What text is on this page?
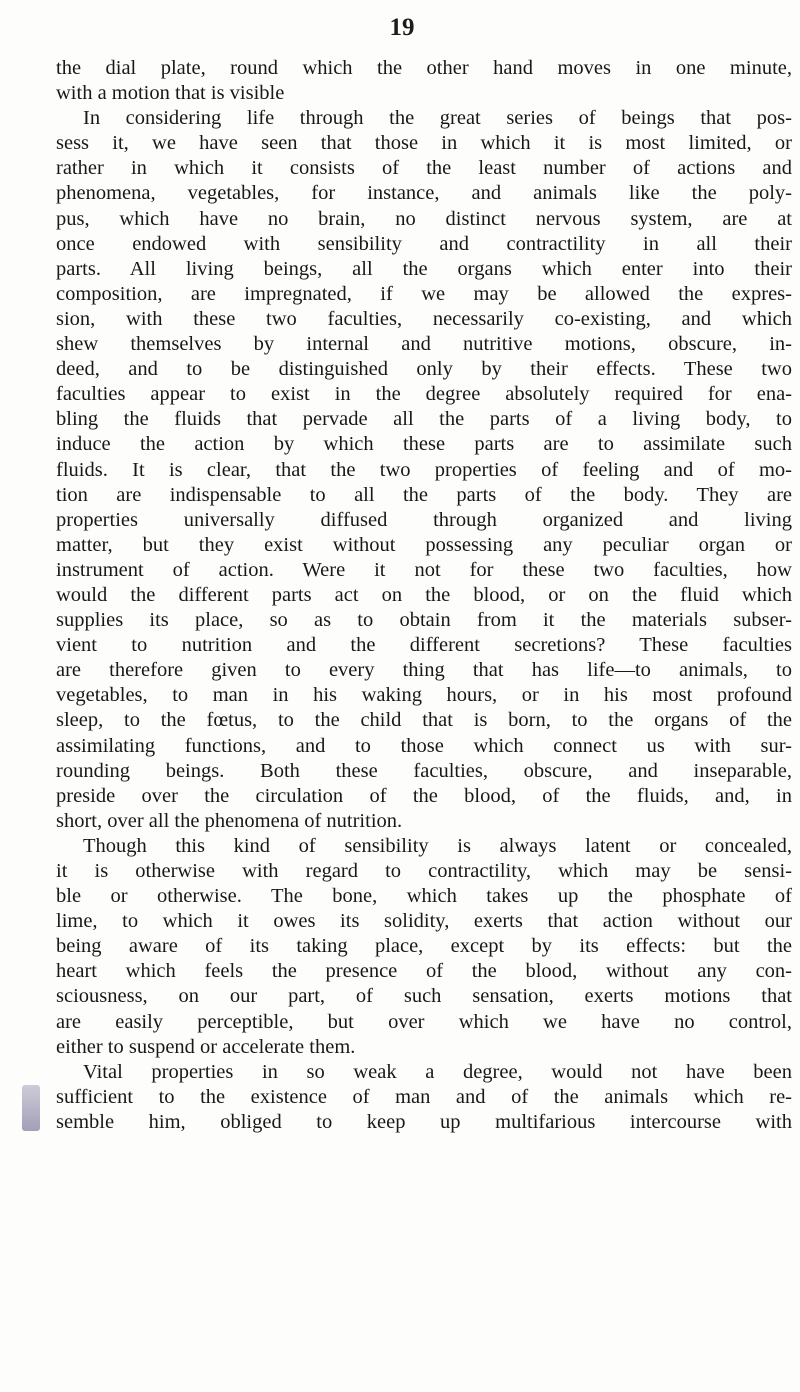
19
the dial plate, round which the other hand moves in one minute,
with a motion that is visible
In considering life through the great series of beings that pos-
sess it, we have seen that those in which it is most limited, or
rather in which it consists of the least number of actions and
phenomena, vegetables, for instance, and animals like the poly-
pus, which have no brain, no distinct nervous system, are at
once endowed with sensibility and contractility in all their
parts. All living beings, all the organs which enter into their
composition, are impregnated, if we may be allowed the expres-
sion, with these two faculties, necessarily co-existing, and which
shew themselves by internal and nutritive motions, obscure, in-
deed, and to be distinguished only by their effects. These two
faculties appear to exist in the degree absolutely required for ena-
bling the fluids that pervade all the parts of a living body, to
induce the action by which these parts are to assimilate such
fluids. It is clear, that the two properties of feeling and of mo-
tion are indispensable to all the parts of the body. They are
properties universally diffused through organized and living
matter, but they exist without possessing any peculiar organ or
instrument of action. Were it not for these two faculties, how
would the different parts act on the blood, or on the fluid which
supplies its place, so as to obtain from it the materials subser-
vient to nutrition and the different secretions? These faculties
are therefore given to every thing that has life—to animals, to
vegetables, to man in his waking hours, or in his most profound
sleep, to the fœtus, to the child that is born, to the organs of the
assimilating functions, and to those which connect us with sur-
rounding beings. Both these faculties, obscure, and inseparable,
preside over the circulation of the blood, of the fluids, and, in
short, over all the phenomena of nutrition.
Though this kind of sensibility is always latent or concealed,
it is otherwise with regard to contractility, which may be sensi-
ble or otherwise. The bone, which takes up the phosphate of
lime, to which it owes its solidity, exerts that action without our
being aware of its taking place, except by its effects: but the
heart which feels the presence of the blood, without any con-
sciousness, on our part, of such sensation, exerts motions that
are easily perceptible, but over which we have no control,
either to suspend or accelerate them.
Vital properties in so weak a degree, would not have been
sufficient to the existence of man and of the animals which re-
semble him, obliged to keep up multifarious intercourse with
